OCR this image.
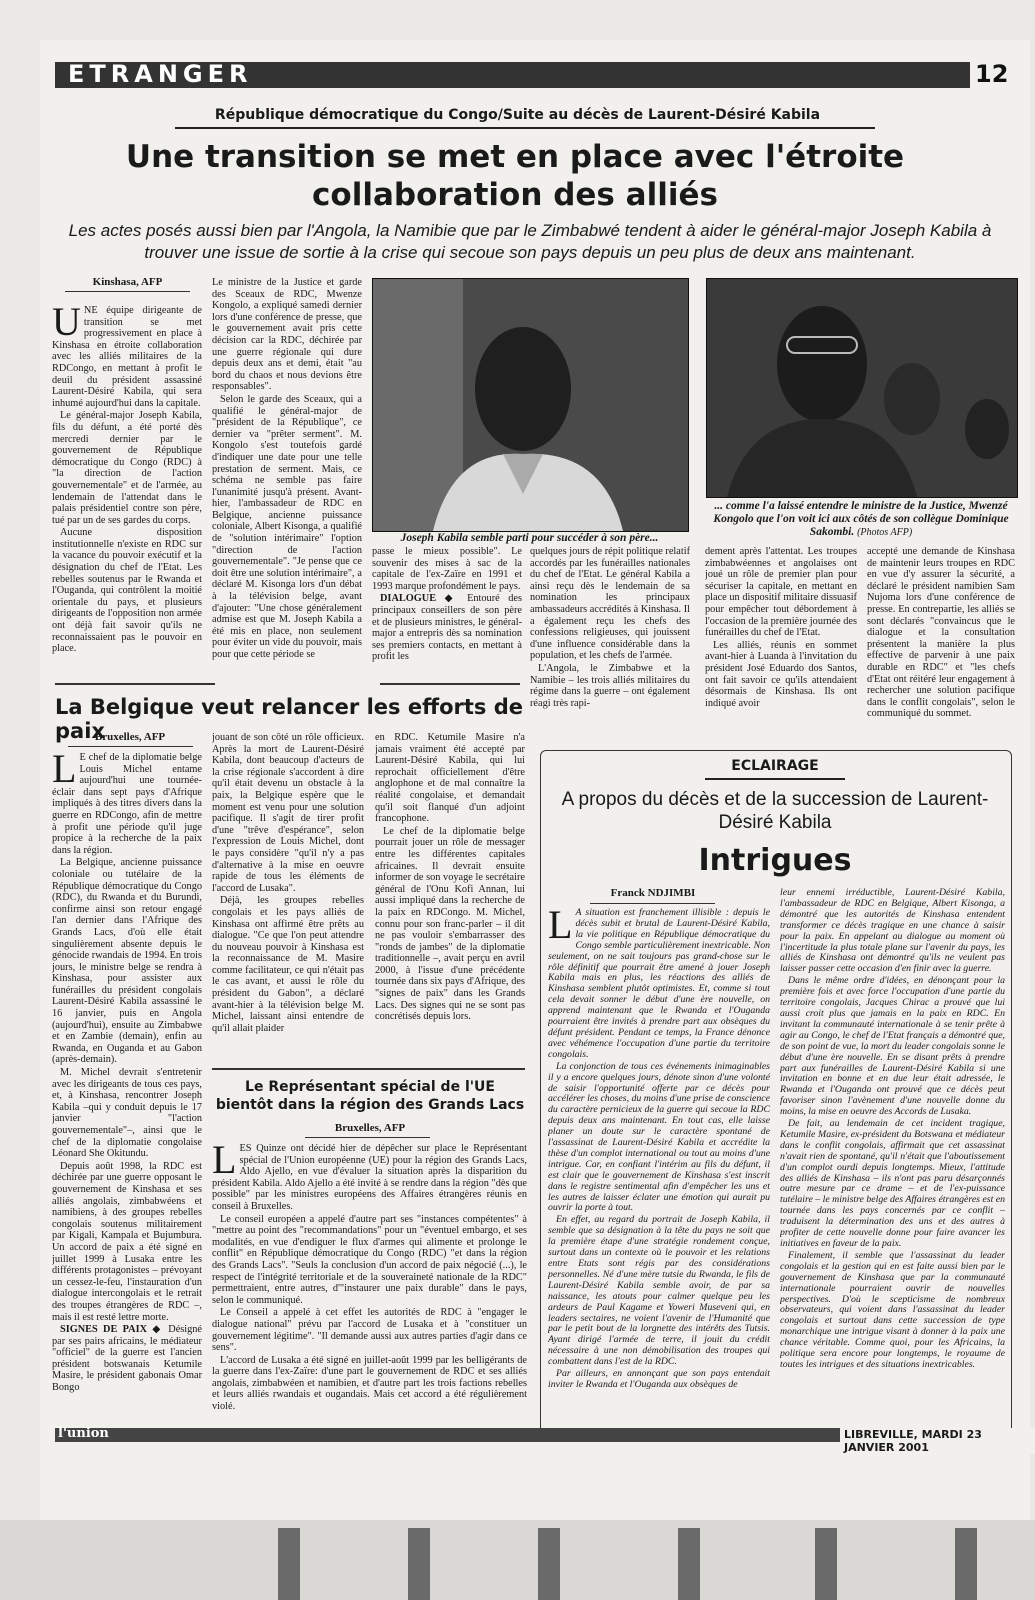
ETRANGER	12
République démocratique du Congo/Suite au décès de Laurent-Désiré Kabila
Une transition se met en place avec l'étroite collaboration des alliés
Les actes posés aussi bien par l'Angola, la Namibie que par le Zimbabwé tendent à aider le général-major Joseph Kabila à trouver une issue de sortie à la crise qui secoue son pays depuis un peu plus de deux ans maintenant.
Kinshasa, AFP
U NE équipe dirigeante de transition se met progressivement en place à Kinshasa en étroite collaboration avec les alliés militaires de la RDCongo, en mettant à profit le deuil du président assassiné Laurent-Désiré Kabila, qui sera inhumé aujourd'hui dans la capitale.

Le général-major Joseph Kabila, fils du défunt, a été porté dès mercredi dernier par le gouvernement de République démocratique du Congo (RDC) à "la direction de l'action gouvernementale" et de l'armée, au lendemain de l'attendat dans le palais présidentiel contre son père, tué par un de ses gardes du corps.

Aucune disposition institutionnelle n'existe en RDC sur la vacance du pouvoir exécutif et la désignation du chef de l'Etat. Les rebelles soutenus par le Rwanda et l'Ouganda, qui contrôlent la moitié orientale du pays, et plusieurs dirigeants de l'opposition non armée ont déjà fait savoir qu'ils ne reconnaissaient pas le pouvoir en place.

Le ministre de la Justice et garde des Sceaux de RDC, Mwenze Kongolo, a expliqué samedi dernier lors d'une conférence de presse, que le gouvernement avait pris cette décision car la RDC, déchirée par une guerre régionale qui dure depuis deux ans et demi, était "au bord du chaos et nous devions être responsables".

Selon le garde des Sceaux, qui a qualifié le général-major de "président de la République", ce dernier va "prêter serment". M. Kongolo s'est toutefois gardé d'indiquer une date pour une telle prestation de serment. Mais, ce schéma ne semble pas faire l'unanimité jusqu'à présent. Avant-hier, l'ambassadeur de RDC en Belgique, ancienne puissance coloniale, Albert Kisonga, a qualifié de "solution intérimaire" l'option "direction de l'action gouvernementale". "Je pense que ce doit être une solution intérimaire", a déclaré M. Kisonga lors d'un débat à la télévision belge, avant d'ajouter: "Une chose généralement admise est que M. Joseph Kabila a été mis en place, non seulement pour éviter un vide du pouvoir, mais pour que cette période se

Joseph Kabila semble parti pour succéder à son père...
... comme l'a laissé entendre le ministre de la Justice, Mwenzé Kongolo que l'on voit ici aux côtés de son collègue Dominique Sakombi. (Photos AFP)

passe le mieux possible". Le souvenir des mises à sac de la capitale de l'ex-Zaïre en 1991 et 1993 marque profondément le pays.

DIALOGUE ◆ Entouré des principaux conseillers de son père et de plusieurs ministres, le général-major a entrepris dès sa nomination ses premiers contacts, en mettant à profit les

quelques jours de répit politique relatif accordés par les funérailles nationales du chef de l'Etat. Le général Kabila a ainsi reçu dès le lendemain de sa nomination les principaux ambassadeurs accrédités à Kinshasa. Il a également reçu les chefs des confessions religieuses, qui jouissent d'une influence considérable dans la population, et les chefs de l'armée.

L'Angola, le Zimbabwe et la Namibie – les trois alliés militaires du régime dans la guerre – ont également réagi très rapi-

dement après l'attentat. Les troupes zimbabwéennes et angolaises ont joué un rôle de premier plan pour sécuriser la capitale, en mettant en place un dispositif militaire dissuasif pour empêcher tout débordement à l'occasion de la première journée des funérailles du chef de l'Etat.

Les alliés, réunis en sommet avant-hier à Luanda à l'invitation du président José Eduardo dos Santos, ont fait savoir ce qu'ils attendaient désormais de Kinshasa. Ils ont indiqué avoir

accepté une demande de Kinshasa de maintenir leurs troupes en RDC en vue d'y assurer la sécurité, a déclaré le président namibien Sam Nujoma lors d'une conférence de presse. En contrepartie, les alliés se sont déclarés "convaincus que le dialogue et la consultation présentent la manière la plus effective de parvenir à une paix durable en RDC" et "les chefs d'Etat ont réitéré leur engagement à rechercher une solution pacifique dans le conflit congolais", selon le communiqué du sommet.

La Belgique veut relancer les efforts de paix
Bruxelles, AFP
L E chef de la diplomatie belge Louis Michel entame aujourd'hui une tournée-éclair dans sept pays d'Afrique impliqués à des titres divers dans la guerre en RDCongo, afin de mettre à profit une période qu'il juge propice à la recherche de la paix dans la région.

La Belgique, ancienne puissance coloniale ou tutélaire de la République démocratique du Congo (RDC), du Rwanda et du Burundi, confirme ainsi son retour engagé l'an dernier dans l'Afrique des Grands Lacs, d'où elle était singulièrement absente depuis le génocide rwandais de 1994. En trois jours, le ministre belge se rendra à Kinshasa, pour assister aux funérailles du président congolais Laurent-Désiré Kabila assassiné le 16 janvier, puis en Angola (aujourd'hui), ensuite au Zimbabwe et en Zambie (demain), enfin au Rwanda, en Ouganda et au Gabon (après-demain).

M. Michel devrait s'entretenir avec les dirigeants de tous ces pays, et, à Kinshasa, rencontrer Joseph Kabila –qui y conduit depuis le 17 janvier "l'action gouvernementale"–, ainsi que le chef de la diplomatie congolaise Léonard She Okitundu.

Depuis août 1998, la RDC est déchirée par une guerre opposant le gouvernement de Kinshasa et ses alliés angolais, zimbabwéens et namibiens, à des groupes rebelles congolais soutenus militairement par Kigali, Kampala et Bujumbura. Un accord de paix a été signé en juillet 1999 à Lusaka entre les différents protagonistes – prévoyant un cessez-le-feu, l'instauration d'un dialogue intercongolais et le retrait des troupes étrangères de RDC –, mais il est resté lettre morte.

SIGNES DE PAIX ◆ Désigné par ses pairs africains, le médiateur "officiel" de la guerre est l'ancien président botswanais Ketumile Masire, le président gabonais Omar Bongo

jouant de son côté un rôle officieux. Après la mort de Laurent-Désiré Kabila, dont beaucoup d'acteurs de la crise régionale s'accordent à dire qu'il était devenu un obstacle à la paix, la Belgique espère que le moment est venu pour une solution pacifique. Il s'agit de tirer profit d'une "trêve d'espérance", selon l'expression de Louis Michel, dont le pays considère "qu'il n'y a pas d'alternative à la mise en oeuvre rapide de tous les éléments de l'accord de Lusaka".

Déjà, les groupes rebelles congolais et les pays alliés de Kinshasa ont affirmé être prêts au dialogue. "Ce que l'on peut attendre du nouveau pouvoir à Kinshasa est la reconnaissance de M. Masire comme facilitateur, ce qui n'était pas le cas avant, et aussi le rôle du président du Gabon", a déclaré avant-hier à la télévision belge M. Michel, laissant ainsi entendre de qu'il allait plaider

en RDC. Ketumile Masire n'a jamais vraiment été accepté par Laurent-Désiré Kabila, qui lui reprochait officiellement d'être anglophone et de mal connaître la réalité congolaise, et demandait qu'il soit flanqué d'un adjoint francophone.

Le chef de la diplomatie belge pourrait jouer un rôle de messager entre les différentes capitales africaines. Il devrait ensuite informer de son voyage le secrétaire général de l'Onu Kofi Annan, lui aussi impliqué dans la recherche de la paix en RDCongo. M. Michel, connu pour son franc-parler – il dit ne pas vouloir s'embarrasser des "ronds de jambes" de la diplomatie traditionnelle –, avait perçu en avril 2000, à l'issue d'une précédente tournée dans six pays d'Afrique, des "signes de paix" dans les Grands Lacs. Des signes qui ne se sont pas concrétisés depuis lors.

Le Représentant spécial de l'UE bientôt dans la région des Grands Lacs
Bruxelles, AFP
L ES Quinze ont décidé hier de dépêcher sur place le Représentant spécial de l'Union européenne (UE) pour la région des Grands Lacs, Aldo Ajello, en vue d'évaluer la situation après la disparition du président Kabila. Aldo Ajello a été invité à se rendre dans la région "dès que possible" par les ministres européens des Affaires étrangères réunis en conseil à Bruxelles.

Le conseil européen a appelé d'autre part ses "instances compétentes" à "mettre au point des "recommandations" pour un "éventuel embargo, et ses modalités, en vue d'endiguer le flux d'armes qui alimente et prolonge le conflit" en République démocratique du Congo (RDC) "et dans la région des Grands Lacs". "Seuls la conclusion d'un accord de paix négocié (...), le respect de l'intégrité territoriale et de la souveraineté nationale de la RDC" permettraient, entre autres, d'"instaurer une paix durable" dans le pays, selon le communiqué.

Le Conseil a appelé à cet effet les autorités de RDC à "engager le dialogue national" prévu par l'accord de Lusaka et à "constituer un gouvernement légitime". "Il demande aussi aux autres parties d'agir dans ce sens".

L'accord de Lusaka a été signé en juillet-août 1999 par les belligérants de la guerre dans l'ex-Zaïre: d'une part le gouvernement de RDC et ses alliés angolais, zimbabwéen et namibien, et d'autre part les trois factions rebelles et leurs alliés rwandais et ougandais. Mais cet accord a été régulièrement violé.

ECLAIRAGE
A propos du décès et de la succession de Laurent-Désiré Kabila
Intrigues
Franck NDJIMBI
L A situation est franchement illisible : depuis le décès subit et brutal de Laurent-Désiré Kabila, la vie politique en République démocratique du Congo semble particulièrement inextricable. Non seulement, on ne sait toujours pas grand-chose sur le rôle définitif que pourrait être amené à jouer Joseph Kabila mais en plus, les réactions des alliés de Kinshasa semblent plutôt optimistes. Et, comme si tout cela devait sonner le début d'une ère nouvelle, on apprend maintenant que le Rwanda et l'Ouganda pourraient être invités à prendre part aux obsèques du défunt président. Pendant ce temps, la France dénonce avec véhémence l'occupation d'une partie du territoire congolais.

La conjonction de tous ces événements inimaginables il y a encore quelques jours, dénote sinon d'une volonté de saisir l'opportunité offerte par ce décès pour accélérer les choses, du moins d'une prise de conscience du caractère pernicieux de la guerre qui secoue la RDC depuis deux ans maintenant. En tout cas, elle laisse planer un doute sur le caractère spontané de l'assassinat de Laurent-Désiré Kabila et accrédite la thèse d'un complot international ou tout au moins d'une intrigue. Car, en confiant l'intérim au fils du défunt, il est clair que le gouvernement de Kinshasa s'est inscrit dans le registre sentimental afin d'empêcher les uns et les autres de laisser éclater une émotion qui aurait pu ouvrir la porte à tout.

En effet, au regard du portrait de Joseph Kabila, il semble que sa désignation à la tête du pays ne soit que la première étape d'une stratégie rondement conçue, surtout dans un contexte où le pouvoir et les relations entre Etats sont régis par des considérations personnelles. Né d'une mère tutsie du Rwanda, le fils de Laurent-Désiré Kabila semble avoir, de par sa naissance, les atouts pour calmer quelque peu les ardeurs de Paul Kagame et Yoweri Museveni qui, en leaders sectaires, ne voient l'avenir de l'Humanité que par le petit bout de la lorgnette des intérêts des Tutsis. Ayant dirigé l'armée de terre, il jouit du crédit nécessaire à une non démobilisation des troupes qui combattent dans l'est de la RDC.

Par ailleurs, en annonçant que son pays entendait inviter le Rwanda et l'Ouganda aux obsèques de

leur ennemi irréductible, Laurent-Désiré Kabila, l'ambassadeur de RDC en Belgique, Albert Kisonga, a démontré que les autorités de Kinshasa entendent transformer ce décès tragique en une chance à saisir pour la paix. En appelant au dialogue au moment où l'incertitude la plus totale plane sur l'avenir du pays, les alliés de Kinshasa ont démontré qu'ils ne veulent pas laisser passer cette occasion d'en finir avec la guerre.

Dans le même ordre d'idées, en dénonçant pour la première fois et avec force l'occupation d'une partie du territoire congolais, Jacques Chirac a prouvé que lui aussi croit plus que jamais en la paix en RDC. En invitant la communauté internationale à se tenir prête à agir au Congo, le chef de l'Etat français a démontré que, de son point de vue, la mort du leader congolais sonne le début d'une ère nouvelle. En se disant prêts à prendre part aux funérailles de Laurent-Désiré Kabila si une invitation en bonne et en due leur était adressée, le Rwanda et l'Ouganda ont prouvé que ce décès peut favoriser sinon l'avènement d'une nouvelle donne du moins, la mise en oeuvre des Accords de Lusaka.

De fait, au lendemain de cet incident tragique, Ketumile Masire, ex-président du Botswana et médiateur dans le conflit congolais, affirmait que cet assassinat n'avait rien de spontané, qu'il n'était que l'aboutissement d'un complot ourdi depuis longtemps. Mieux, l'attitude des alliés de Kinshasa – ils n'ont pas paru désarçonnés outre mesure par ce drame – et de l'ex-puissance tutélaire – le ministre belge des Affaires étrangères est en tournée dans les pays concernés par ce conflit – traduisent la détermination des uns et des autres à profiter de cette nouvelle donne pour faire avancer les initiatives en faveur de la paix.

Finalement, il semble que l'assassinat du leader congolais et la gestion qui en est faite aussi bien par le gouvernement de Kinshasa que par la communauté internationale pourraient ouvrir de nouvelles perspectives. D'où le scepticisme de nombreux observateurs, qui voient dans l'assassinat du leader congolais et surtout dans cette succession de type monarchique une intrigue visant à donner à la paix une chance véritable. Comme quoi, pour les Africains, la politique sera encore pour longtemps, le royaume de toutes les intrigues et des situations inextricables.

l'union	LIBREVILLE, MARDI 23 JANVIER 2001
